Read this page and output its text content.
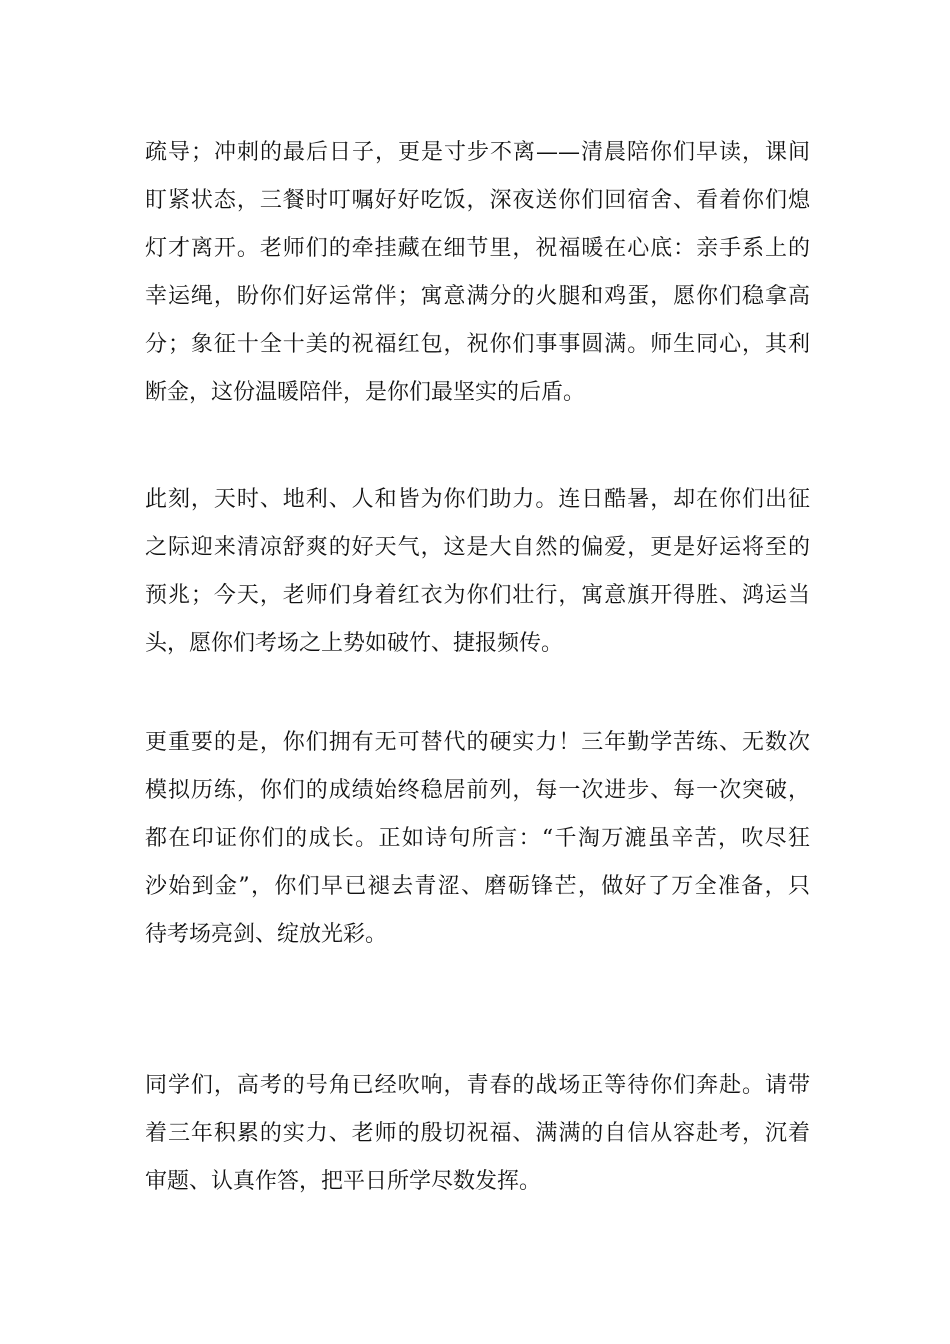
疏导；冲刺的最后日子，更是寸步不离——清晨陪你们早读，课间
盯紧状态，三餐时叮嘱好好吃饭，深夜送你们回宿舍、看着你们熄
灯才离开。老师们的牵挂藏在细节里，祝福暖在心底：亲手系上的
幸运绳，盼你们好运常伴；寓意满分的火腿和鸡蛋，愿你们稳拿高
分；象征十全十美的祝福红包，祝你们事事圆满。师生同心，其利
断金，这份温暖陪伴，是你们最坚实的后盾。
此刻，天时、地利、人和皆为你们助力。连日酷暑，却在你们出征
之际迎来清凉舒爽的好天气，这是大自然的偏爱，更是好运将至的
预兆；今天，老师们身着红衣为你们壮行，寓意旗开得胜、鸿运当
头，愿你们考场之上势如破竹、捷报频传。
更重要的是，你们拥有无可替代的硬实力！三年勤学苦练、无数次
模拟历练，你们的成绩始终稳居前列，每一次进步、每一次突破，
都在印证你们的成长。正如诗句所言：“千淘万漉虽辛苦，吹尽狂
沙始到金”，你们早已褪去青涩、磨砺锋芒，做好了万全准备，只
待考场亮剑、绽放光彩。
同学们，高考的号角已经吹响，青春的战场正等待你们奔赴。请带
着三年积累的实力、老师的殷切祝福、满满的自信从容赴考，沉着
审题、认真作答，把平日所学尽数发挥。
